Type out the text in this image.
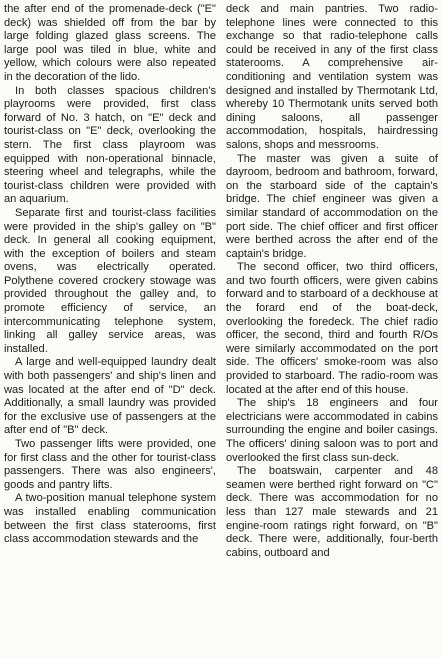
the after end of the promenade-deck ("E" deck) was shielded off from the bar by large folding glazed glass screens. The large pool was tiled in blue, white and yellow, which colours were also repeated in the decoration of the lido.

In both classes spacious children's playrooms were provided, first class forward of No. 3 hatch, on "E" deck and tourist-class on "E" deck, overlooking the stern. The first class playroom was equipped with non-operational binnacle, steering wheel and telegraphs, while the tourist-class children were provided with an aquarium.

Separate first and tourist-class facilities were provided in the ship's galley on "B" deck. In general all cooking equipment, with the exception of boilers and steam ovens, was electrically operated. Polythene covered crockery stowage was provided throughout the galley and, to promote efficiency of service, an intercommunicating telephone system, linking all galley service areas, was installed.

A large and well-equipped laundry dealt with both passengers' and ship's linen and was located at the after end of "D" deck. Additionally, a small laundry was provided for the exclusive use of passengers at the after end of "B" deck.

Two passenger lifts were provided, one for first class and the other for tourist-class passengers. There was also engineers', goods and pantry lifts.

A two-position manual telephone system was installed enabling communication between the first class staterooms, first class accommodation stewards and the

deck and main pantries. Two radio-telephone lines were connected to this exchange so that radio-telephone calls could be received in any of the first class staterooms. A comprehensive air-conditioning and ventilation system was designed and installed by Thermotank Ltd, whereby 10 Thermotank units served both dining saloons, all passenger accommodation, hospitals, hairdressing salons, shops and messrooms.

The master was given a suite of dayroom, bedroom and bathroom, forward, on the starboard side of the captain's bridge. The chief engineer was given a similar standard of accommodation on the port side. The chief officer and first officer were berthed across the after end of the captain's bridge.

The second officer, two third officers, and two fourth officers, were given cabins forward and to starboard of a deckhouse at the forard end of the boat-deck, overlooking the foredeck. The chief radio officer, the second, third and fourth R/Os were similarly accommodated on the port side. The officers' smoke-room was also provided to starboard. The radio-room was located at the after end of this house.

The ship's 18 engineers and four electricians were accommodated in cabins surrounding the engine and boiler casings. The officers' dining saloon was to port and overlooked the first class sun-deck.

The boatswain, carpenter and 48 seamen were berthed right forward on "C" deck. There was accommodation for no less than 127 male stewards and 21 engine-room ratings right forward, on "B" deck. There were, additionally, four-berth cabins, outboard and
